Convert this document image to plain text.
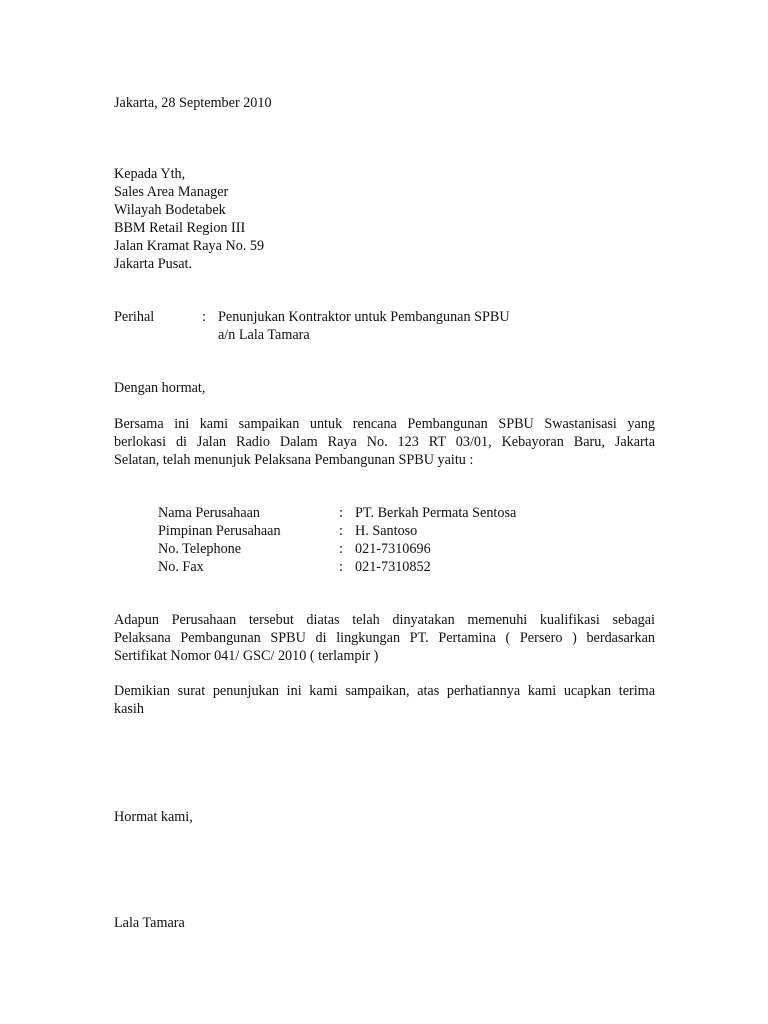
Jakarta, 28 September 2010
Kepada Yth,
Sales Area Manager
Wilayah Bodetabek
BBM Retail Region III
Jalan Kramat Raya No. 59
Jakarta Pusat.
Perihal	: Penunjukan Kontraktor untuk Pembangunan SPBU
a/n Lala Tamara
Dengan hormat,
Bersama ini kami sampaikan untuk rencana Pembangunan SPBU Swastanisasi yang
berlokasi di Jalan Radio Dalam Raya No. 123 RT 03/01, Kebayoran Baru, Jakarta
Selatan, telah menunjuk Pelaksana Pembangunan SPBU yaitu :
Nama Perusahaan	: PT. Berkah Permata Sentosa
Pimpinan Perusahaan	: H. Santoso
No. Telephone	: 021-7310696
No. Fax	: 021-7310852
Adapun Perusahaan tersebut diatas telah dinyatakan memenuhi kualifikasi sebagai
Pelaksana Pembangunan SPBU di lingkungan PT. Pertamina ( Persero ) berdasarkan
Sertifikat Nomor 041/ GSC/ 2010 ( terlampir )
Demikian surat penunjukan ini kami sampaikan, atas perhatiannya kami ucapkan terima
kasih
Hormat kami,
Lala Tamara
